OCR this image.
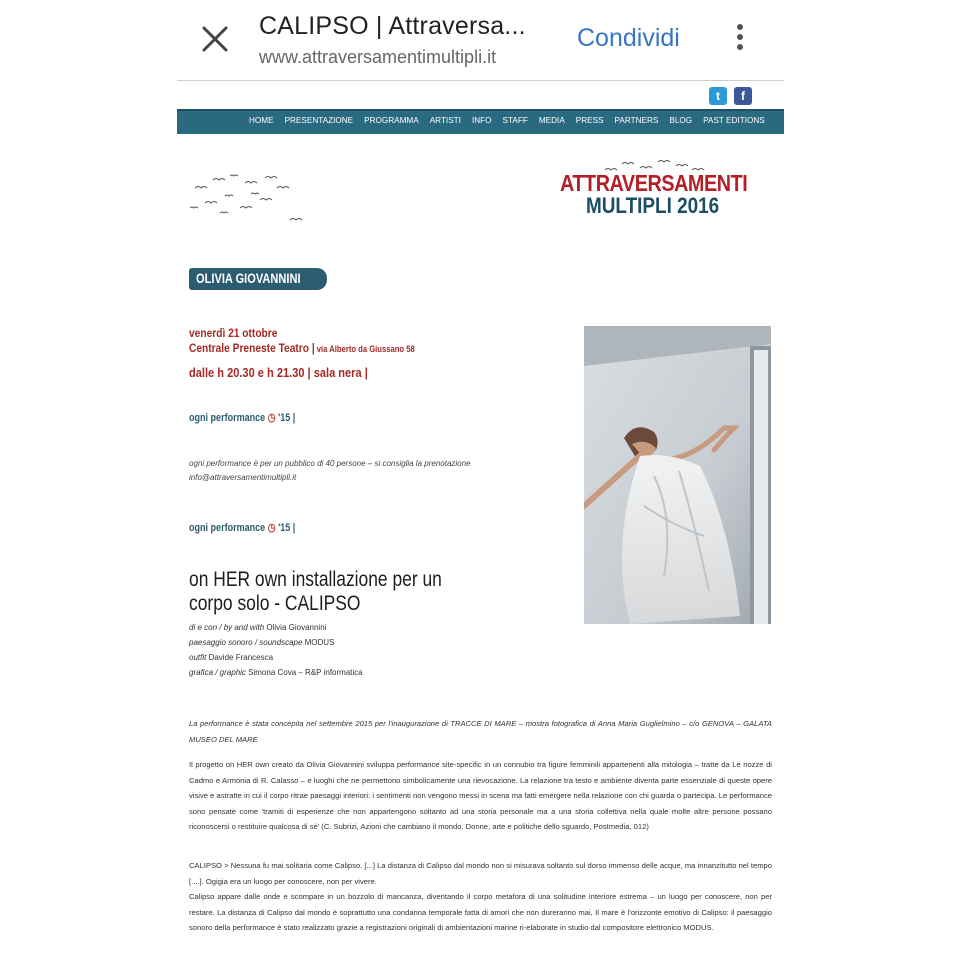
CALIPSO | Attraversa...
www.attraversamentimultipli.it
Condividi
t	f
HOME PRESENTAZIONE PROGRAMMA ARTISTI INFO STAFF MEDIA PRESS PARTNERS BLOG PAST EDITIONS
ATTRAVERSAMENTI
MULTIPLI 2016
OLIVIA GIOVANNINI
venerdì 21 ottobre
Centrale Preneste Teatro | via Alberto da Giussano 58
dalle h 20.30 e h 21.30 | sala nera |
ogni performance ◷ '15 |
ogni performance è per un pubblico di 40 persone – si consiglia la prenotazione
info@attraversamentimultipli.it
ogni performance ◷ '15 |
on HER own installazione per un corpo solo - CALIPSO
di e con / by and with Olivia Giovannini
paesaggio sonoro / soundscape MODUS
outfit Davide Francesca
grafica / graphic Simona Cova – R&P informatica
La performance è stata concepita nel settembre 2015 per l'inaugurazione di TRACCE DI MARE – mostra fotografica di Anna Maria Guglielmino – c/o GENOVA – GALATA MUSEO DEL MARE
Il progetto on HER own creato da Olivia Giovannini sviluppa performance site-specific in un connubio tra figure femminili appartenenti alla mitologia – tratte da Le nozze di Cadmo e Armonia di R. Calasso – e luoghi che ne permettono simbolicamente una rievocazione. La relazione tra testo e ambiente diventa parte essenziale di queste opere visive e astratte in cui il corpo ritrae paesaggi interiori: i sentimenti non vengono messi in scena ma fatti emergere nella relazione con chi guarda o partecipa. Le performance sono pensate come 'tramiti di esperienze che non appartengono soltanto ad una storia personale ma a una storia collettiva nella quale molte altre persone possano riconoscersi o restituire qualcosa di sé' (C. Subrizi, Azioni che cambiano il mondo. Donne, arte e politiche dello sguardo, Postmedia, 012)
CALIPSO > Nessuna fu mai solitaria come Calipso. [...] La distanza di Calipso dal mondo non si misurava soltanto sul dorso immenso delle acque, ma innanzitutto nel tempo [....]. Ogigia era un luogo per conoscere, non per vivere.
Calipso appare dalle onde e scompare in un bozzolo di mancanza, diventando il corpo metafora di una solitudine interiore estrema – un luogo per conoscere, non per restare. La distanza di Calipso dal mondo è soprattutto una condanna temporale fatta di amori che non dureranno mai, Il mare è l'orizzonte emotivo di Calipso: il paesaggio sonoro della performance è stato realizzato grazie a registrazioni originali di ambientazioni marine ri-elaborate in studio dal compositore elettronico MODUS.
